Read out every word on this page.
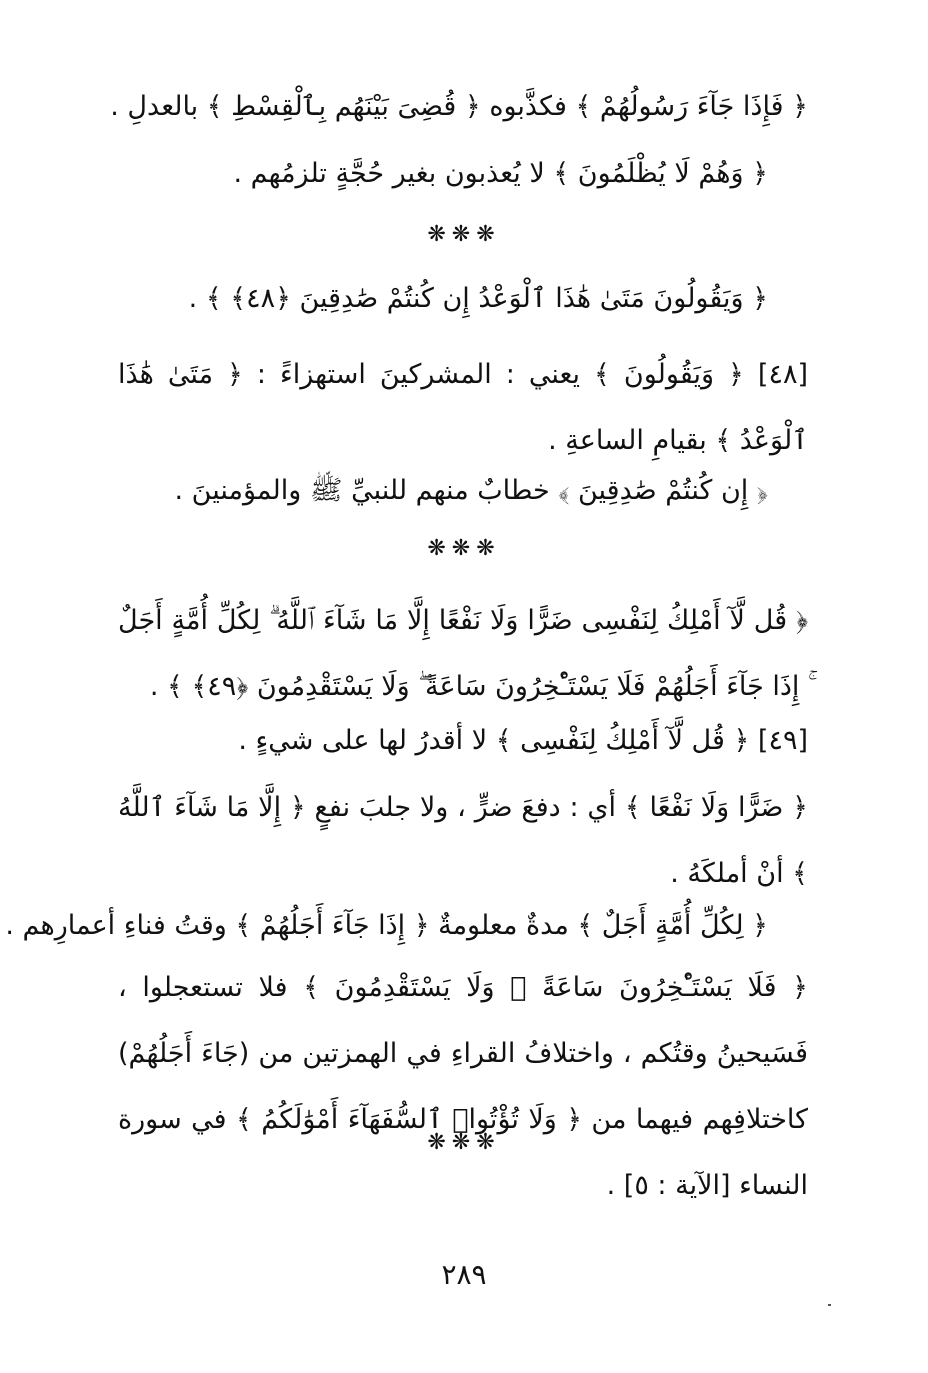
﴿ فَإِذَا جَآءَ رَسُولُهُمْ ﴾ فكذَّبوه ﴿ قُضِىَ بَيْنَهُم بِٱلْقِسْطِ ﴾ بالعدلِ .
﴿ وَهُمْ لَا يُظْلَمُونَ ﴾ لا يُعذبون بغير حُجَّةٍ تلزمُهم .
❋❋❋
﴿ وَيَقُولُونَ مَتَىٰ هَٰذَا ٱلْوَعْدُ إِن كُنتُمْ صَٰدِقِينَ ﴿٤٨﴾ ﴾ .
[٤٨] ﴿ وَيَقُولُونَ ﴾ يعني : المشركينَ استهزاءً : ﴿ مَتَىٰ هَٰذَا ٱلْوَعْدُ ﴾ بقيامِ الساعةِ .
﴿ إِن كُنتُمْ صَٰدِقِينَ ﴾ خطابٌ منهم للنبيِّ ﷺ والمؤمنينَ .
❋❋❋
﴿ قُل لَّآ أَمْلِكُ لِنَفْسِى ضَرًّا وَلَا نَفْعًا إِلَّا مَا شَآءَ ٱللَّهُ ۗ لِكُلِّ أُمَّةٍ أَجَلٌ ۚ إِذَا جَآءَ أَجَلُهُمْ فَلَا يَسْتَـْٔخِرُونَ سَاعَةً ۖ وَلَا يَسْتَقْدِمُونَ ﴿٤٩﴾ ﴾ .
[٤٩] ﴿ قُل لَّآ أَمْلِكُ لِنَفْسِى ﴾ لا أقدرُ لها على شيءٍ .
﴿ ضَرًّا وَلَا نَفْعًا ﴾ أي : دفعَ ضرٍّ ، ولا جلبَ نفعٍ ﴿ إِلَّا مَا شَآءَ ٱللَّهُ ﴾ أنْ أملكَهُ .
﴿ لِكُلِّ أُمَّةٍ أَجَلٌ ﴾ مدةٌ معلومةٌ ﴿ إِذَا جَآءَ أَجَلُهُمْ ﴾ وقتُ فناءِ أعمارِهم .
﴿ فَلَا يَسْتَـْٔخِرُونَ سَاعَةً ۖ وَلَا يَسْتَقْدِمُونَ ﴾ فلا تستعجلوا ، فَسَيحينُ وقتُكم ، واختلافُ القراءِ في الهمزتين من (جَاءَ أَجَلُهُمْ) كاختلافِهم فيهما من ﴿ وَلَا تُؤْتُوا۟ ٱلسُّفَهَآءَ أَمْوَٰلَكُمُ ﴾ في سورة النساء [الآية : ٥] .
❋❋❋
٢٨٩
